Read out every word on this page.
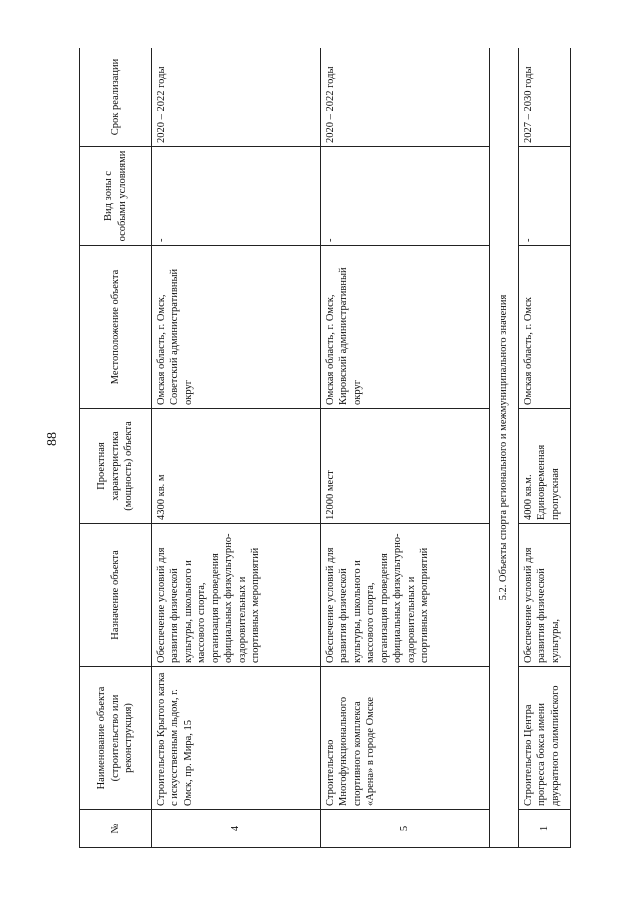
88
№	Наименование объекта (строительство или реконструкция)	Назначение объекта	Проектная характеристика (мощность) объекта	Местоположение объекта	Вид зоны с особыми условиями	Срок реализации
4	Строительство Крытого катка с искусственным льдом, г. Омск, пр. Мира, 15	Обеспечение условий для развития физической культуры, школьного и массового спорта, организация проведения официальных физкультурно-оздоровительных и спортивных мероприятий	4300 кв. м	Омская область, г. Омск, Советский административный округ	-	2020 – 2022 годы
5	Строительство Многофункционального спортивного комплекса «Арена» в городе Омске	Обеспечение условий для развития физической культуры, школьного и массового спорта, организация проведения официальных физкультурно-оздоровительных и спортивных мероприятий	12000 мест	Омская область, г. Омск, Кировский административный округ	-	2020 – 2022 годы
5.2. Объекты спорта регионального и межмуниципального значения						
1	Строительство Центра прогресса бокса имени двукратного олимпийского	Обеспечение условий для развития физической культуры,	4000 кв.м. Единовременная пропускная	Омская область, г. Омск	-	2027 – 2030 годы
